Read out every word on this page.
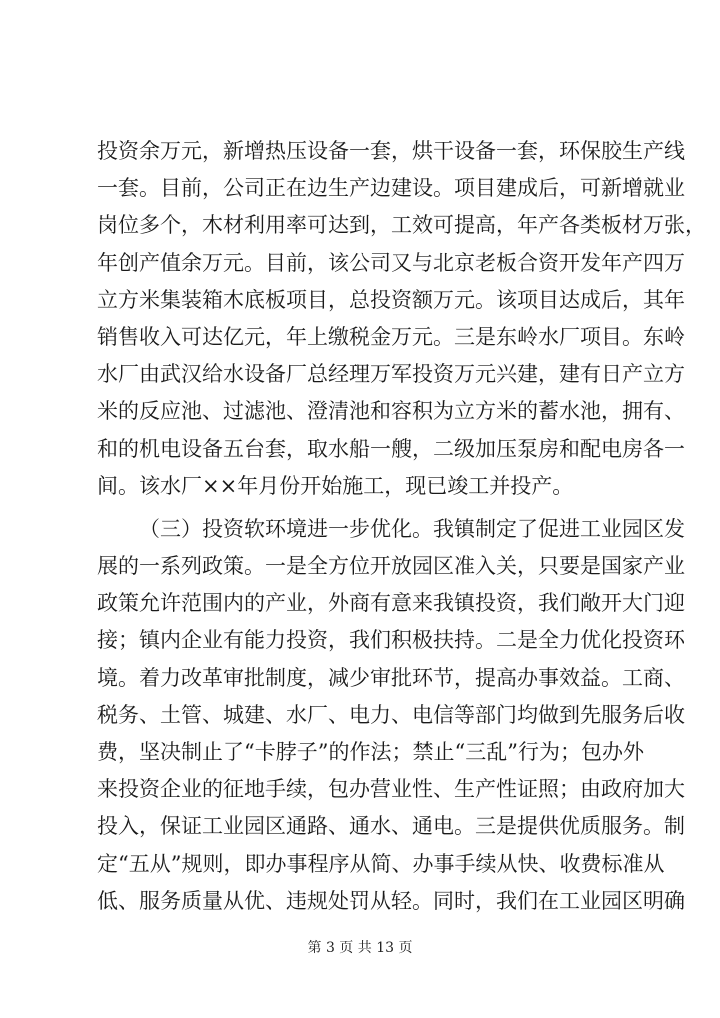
投资余万元，新增热压设备一套，烘干设备一套，环保胶生产线
一套。目前，公司正在边生产边建设。项目建成后，可新增就业
岗位多个，木材利用率可达到，工效可提高，年产各类板材万张，
年创产值余万元。目前，该公司又与北京老板合资开发年产四万
立方米集装箱木底板项目，总投资额万元。该项目达成后，其年
销售收入可达亿元，年上缴税金万元。三是东岭水厂项目。东岭
水厂由武汉给水设备厂总经理万军投资万元兴建，建有日产立方
米的反应池、过滤池、澄清池和容积为立方米的蓄水池，拥有、
和的机电设备五台套，取水船一艘，二级加压泵房和配电房各一
间。该水厂××年月份开始施工，现已竣工并投产。
（三）投资软环境进一步优化。我镇制定了促进工业园区发
展的一系列政策。一是全方位开放园区准入关，只要是国家产业
政策允许范围内的产业，外商有意来我镇投资，我们敞开大门迎
接；镇内企业有能力投资，我们积极扶持。二是全力优化投资环
境。着力改革审批制度，减少审批环节，提高办事效益。工商、
税务、土管、城建、水厂、电力、电信等部门均做到先服务后收
费，坚决制止了“卡脖子”的作法；禁止“三乱”行为；包办外
来投资企业的征地手续，包办营业性、生产性证照；由政府加大
投入，保证工业园区通路、通水、通电。三是提供优质服务。制
定“五从”规则，即办事程序从简、办事手续从快、收费标准从
低、服务质量从优、违规处罚从轻。同时，我们在工业园区明确
第 3 页 共 13 页
